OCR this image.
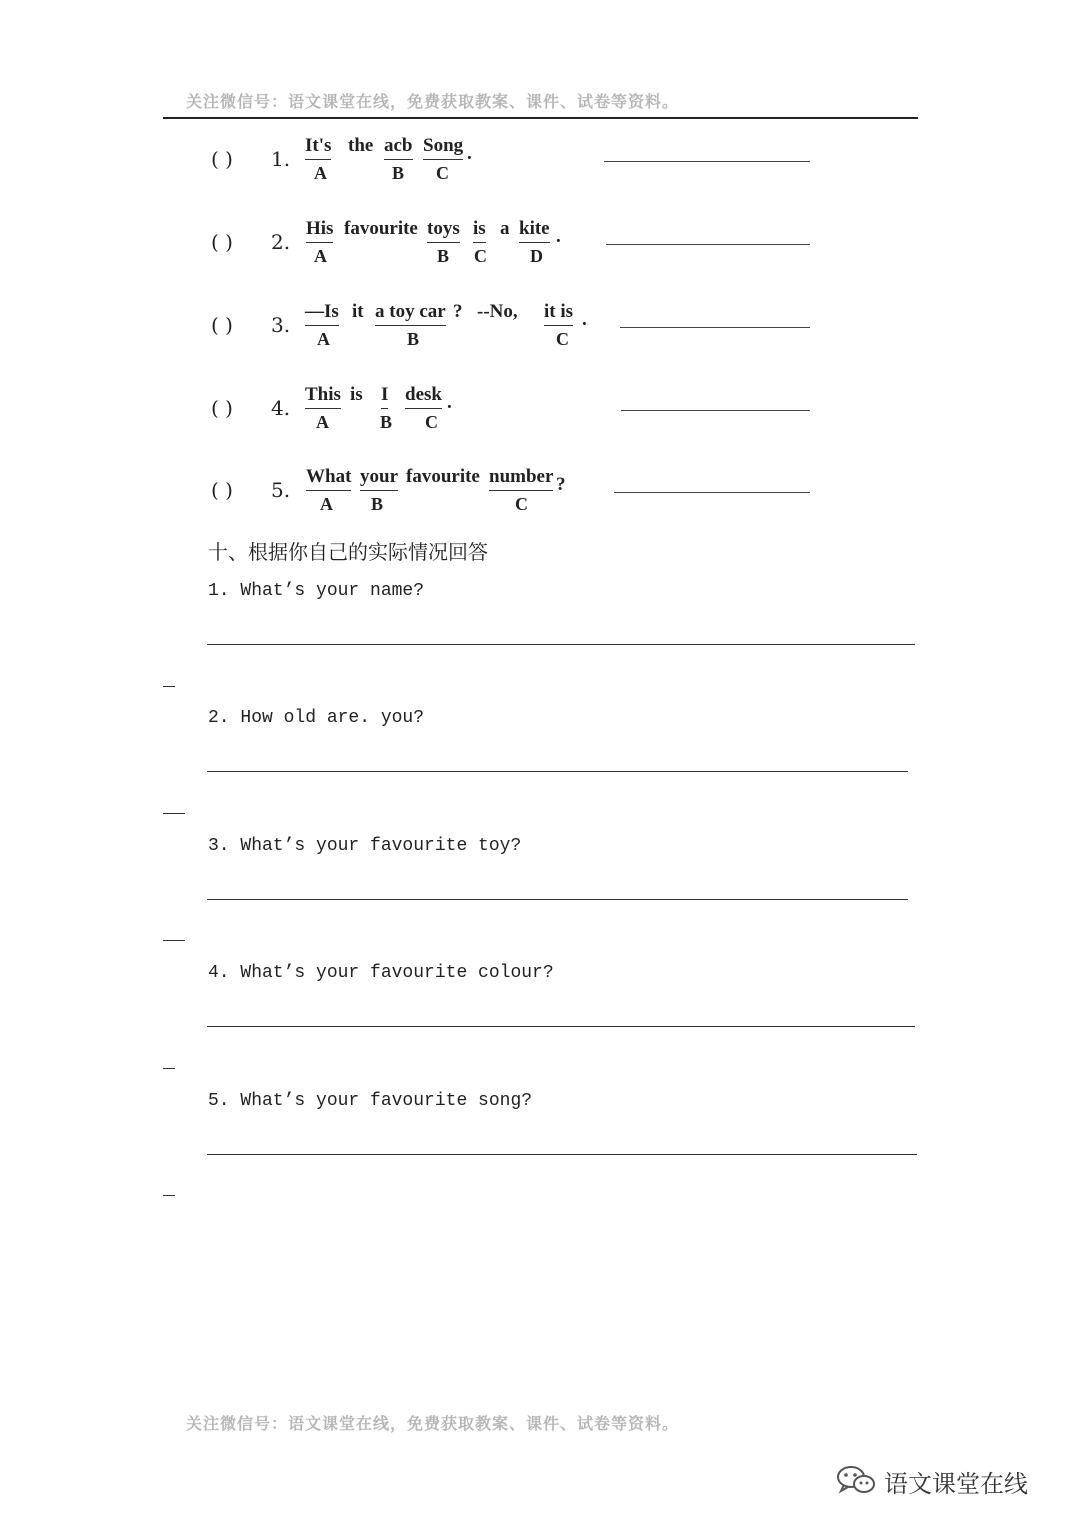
关注微信号：语文课堂在线，免费获取教案、课件、试卷等资料。
( ) 1.
It's the acb Song .
A	B C
( ) 2.
His favourite toys is a kite .
A	B C D
( ) 3.
—Is it a toy car ? --No, it is .
A	B	C
( ) 4.
This is I desk .
A	B C
( ) 5.
What your favourite number ?
A B	C
十、根据你自己的实际情况回答
1. What’s your name?
2. How old are. you?
3. What’s your favourite toy?
4. What’s your favourite colour?
5. What’s your favourite song?
关注微信号：语文课堂在线，免费获取教案、课件、试卷等资料。
语文课堂在线
